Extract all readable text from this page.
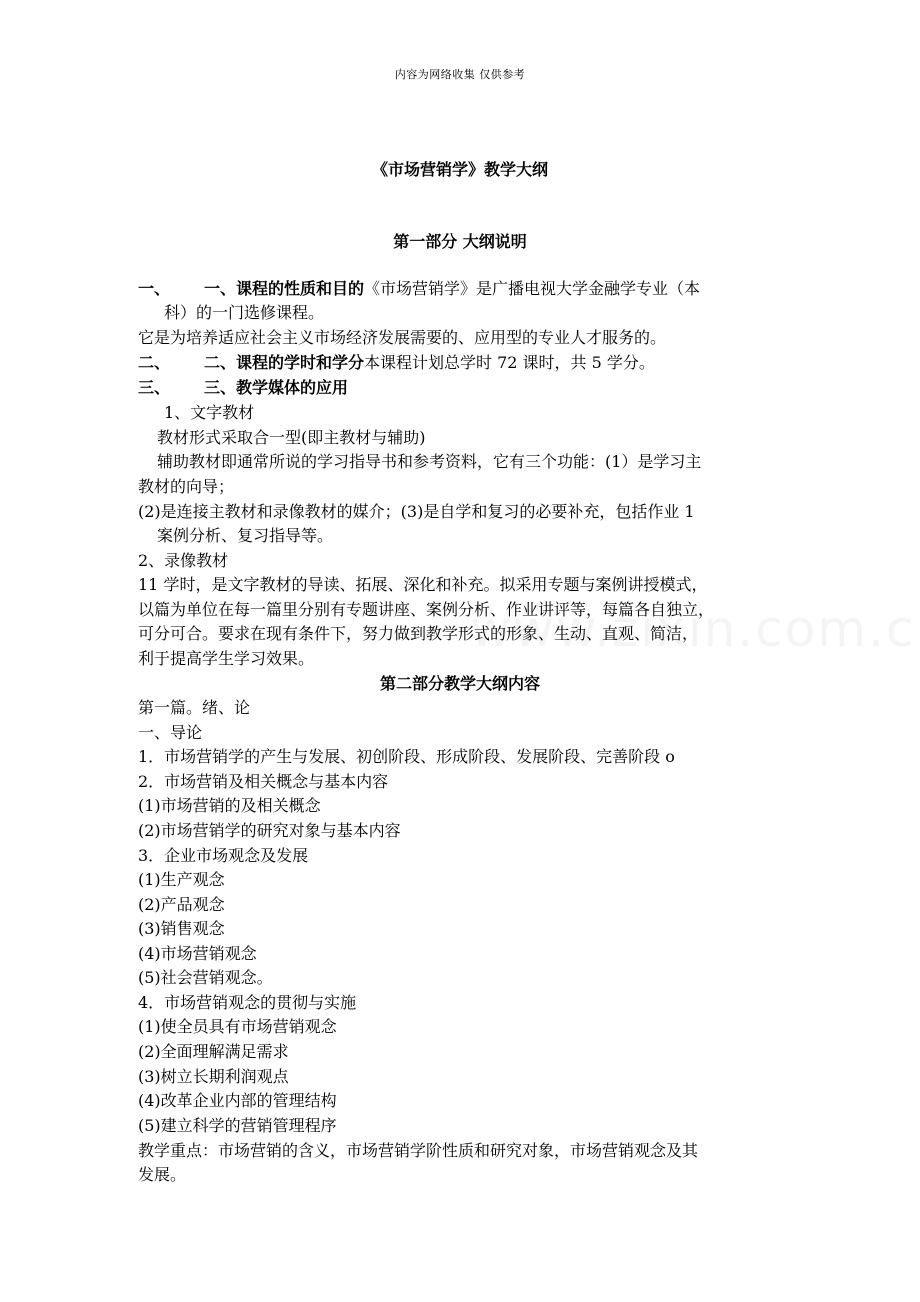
内容为网络收集 仅供参考
《市场营销学》教学大纲
第一部分 大纲说明
一、 一、课程的性质和目的《市场营销学》是广播电视大学金融学专业（本
科）的一门选修课程。
它是为培养适应社会主义市场经济发展需要的、应用型的专业人才服务的。
二、 二、课程的学时和学分本课程计划总学时 72 课时，共 5 学分。
三、 三、教学媒体的应用
1、文字教材
教材形式采取合一型(即主教材与辅助)
辅助教材即通常所说的学习指导书和参考资料，它有三个功能：(1）是学习主
教材的向导；
(2)是连接主教材和录像教材的媒介；(3)是自学和复习的必要补充，包括作业 1
案例分析、复习指导等。
2、录像教材
11 学时，是文字教材的导读、拓展、深化和补充。拟采用专题与案例讲授模式，
以篇为单位在每一篇里分别有专题讲座、案例分析、作业讲评等，每篇各自独立，
可分可合。要求在现有条件下，努力做到教学形式的形象、生动、直观、简洁，
利于提高学生学习效果。
第二部分教学大纲内容
第一篇。绪、论
一、导论
1．市场营销学的产生与发展、初创阶段、形成阶段、发展阶段、完善阶段 o
2．市场营销及相关概念与基本内容
(1)市场营销的及相关概念
(2)市场营销学的研究对象与基本内容
3．企业市场观念及发展
(1)生产观念
(2)产品观念
(3)销售观念
(4)市场营销观念
(5)社会营销观念。
4．市场营销观念的贯彻与实施
(1)使全员具有市场营销观念
(2)全面理解满足需求
(3)树立长期利润观点
(4)改革企业内部的管理结构
(5)建立科学的营销管理程序
教学重点：市场营销的含义，市场营销学阶性质和研究对象，市场营销观念及其
发展。
